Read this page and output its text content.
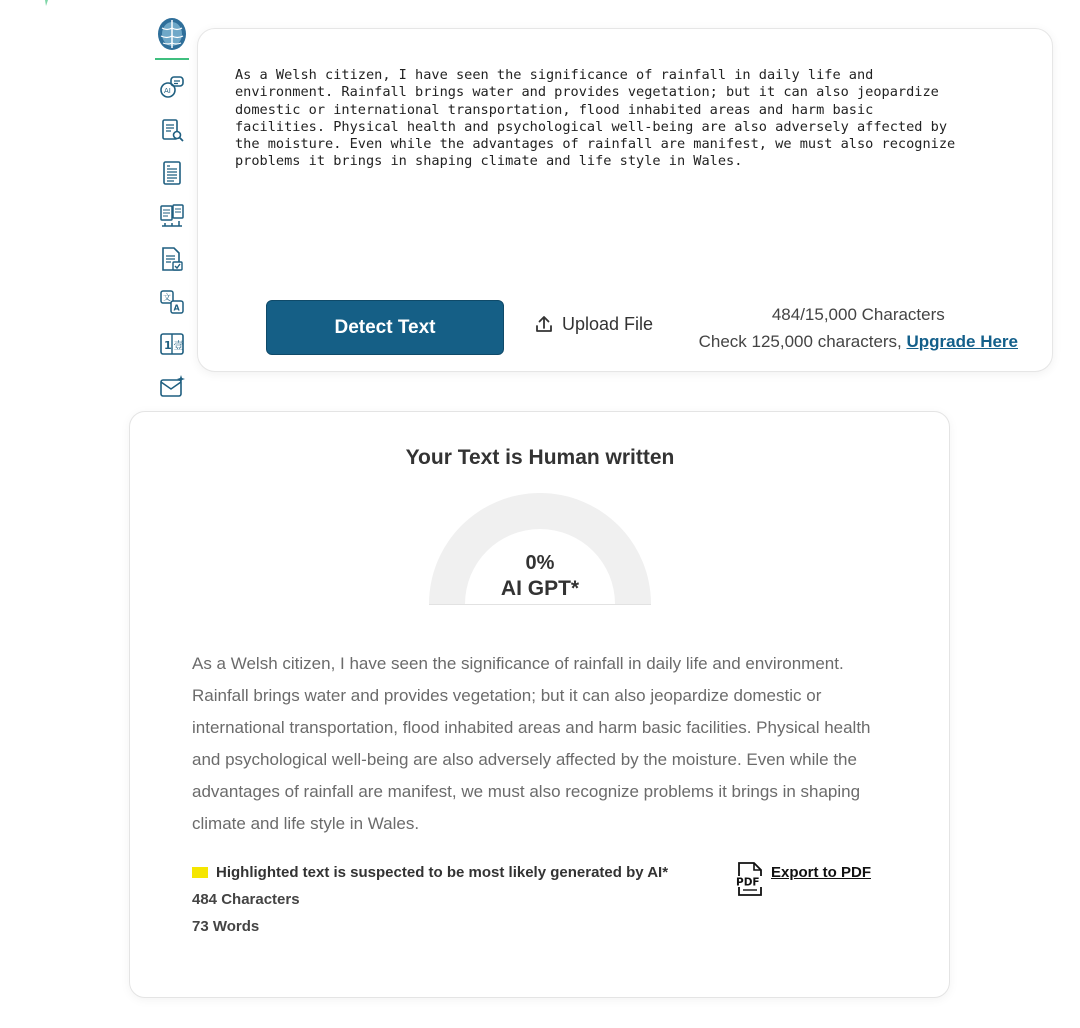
AI
文
A
1 壹
As a Welsh citizen, I have seen the significance of rainfall in daily life and
environment. Rainfall brings water and provides vegetation; but it can also jeopardize
domestic or international transportation, flood inhabited areas and harm basic
facilities. Physical health and psychological well-being are also adversely affected by
the moisture. Even while the advantages of rainfall are manifest, we must also recognize
problems it brings in shaping climate and life style in Wales.
Detect Text	Upload File	484/15,000 Characters
Check 125,000 characters, Upgrade Here
Your Text is Human written
0%
AI GPT*

As a Welsh citizen, I have seen the significance of rainfall in daily life and environment. Rainfall brings water and provides vegetation; but it can also jeopardize domestic or international transportation, flood inhabited areas and harm basic facilities. Physical health and psychological well-being are also adversely affected by the moisture. Even while the advantages of rainfall are manifest, we must also recognize problems it brings in shaping climate and life style in Wales.

Highlighted text is suspected to be most likely generated by AI*
484 Characters
73 Words
PDF
Export to PDF
